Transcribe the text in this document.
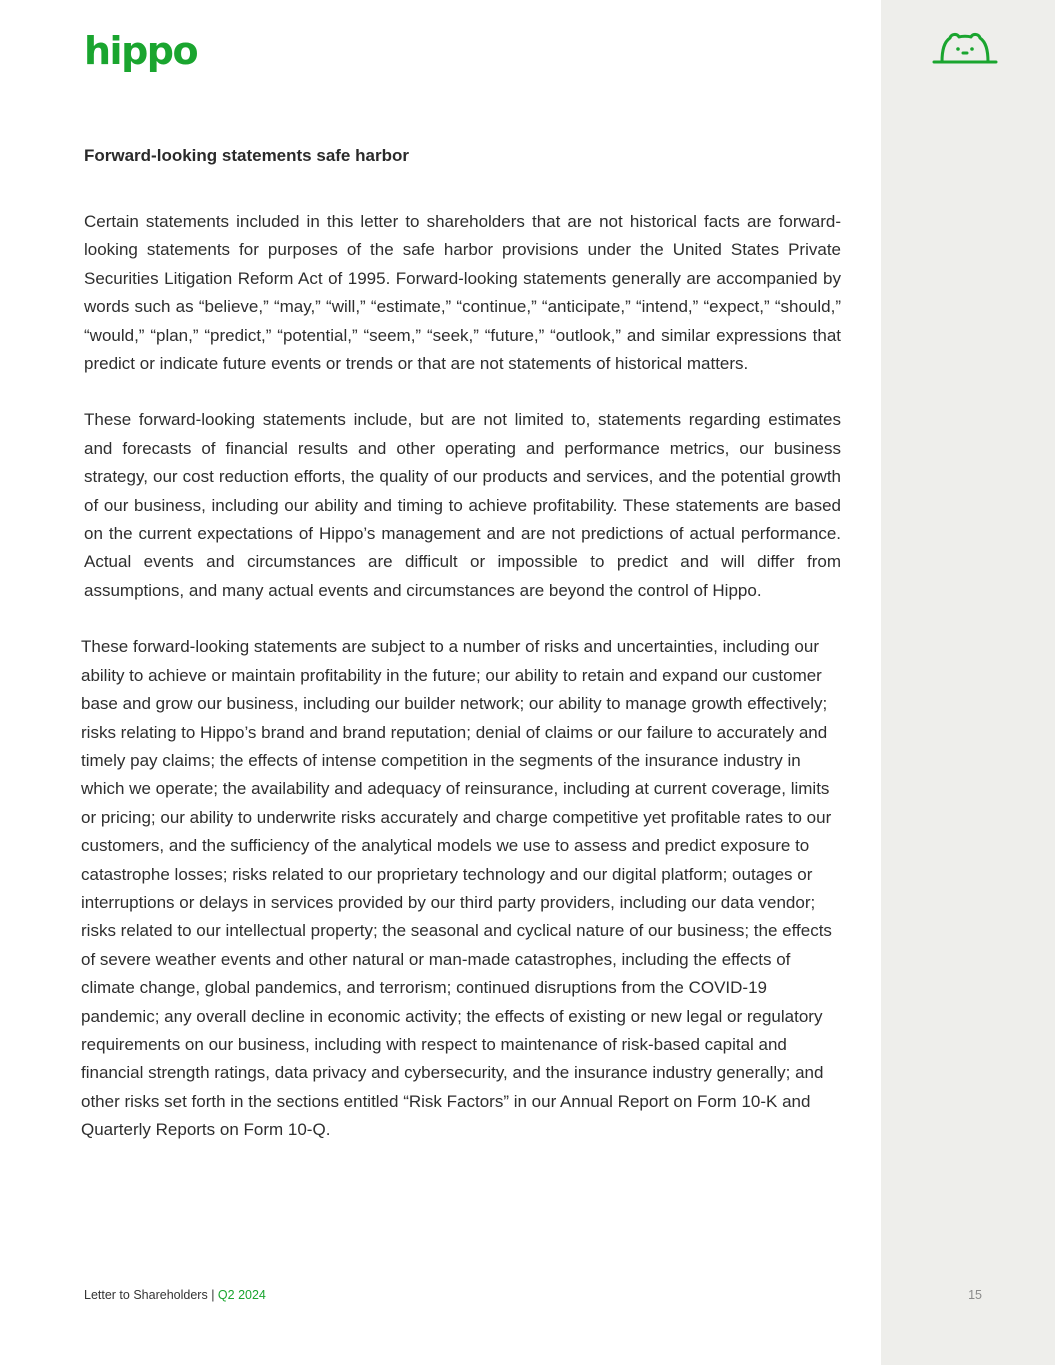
hippo
Forward-looking statements safe harbor

Certain statements included in this letter to shareholders that are not historical facts are forward-looking statements for purposes of the safe harbor provisions under the United States Private Securities Litigation Reform Act of 1995. Forward-looking statements generally are accompanied by words such as “believe,” “may,” “will,” “estimate,” “continue,” “anticipate,” “intend,” “expect,” “should,” “would,” “plan,” “predict,” “potential,” “seem,” “seek,” “future,” “outlook,” and similar expressions that predict or indicate future events or trends or that are not statements of historical matters.

These forward-looking statements include, but are not limited to, statements regarding estimates and forecasts of financial results and other operating and performance metrics, our business strategy, our cost reduction efforts, the quality of our products and services, and the potential growth of our business, including our ability and timing to achieve profitability. These statements are based on the current expectations of Hippo’s management and are not predictions of actual performance. Actual events and circumstances are difficult or impossible to predict and will differ from assumptions, and many actual events and circumstances are beyond the control of Hippo.

These forward-looking statements are subject to a number of risks and uncertainties, including our ability to achieve or maintain profitability in the future; our ability to retain and expand our customer base and grow our business, including our builder network; our ability to manage growth effectively; risks relating to Hippo’s brand and brand reputation; denial of claims or our failure to accurately and timely pay claims; the effects of intense competition in the segments of the insurance industry in which we operate; the availability and adequacy of reinsurance, including at current coverage, limits or pricing; our ability to underwrite risks accurately and charge competitive yet profitable rates to our customers, and the sufficiency of the analytical models we use to assess and predict exposure to catastrophe losses; risks related to our proprietary technology and our digital platform; outages or interruptions or delays in services provided by our third party providers, including our data vendor; risks related to our intellectual property; the seasonal and cyclical nature of our business; the effects of severe weather events and other natural or man-made catastrophes, including the effects of climate change, global pandemics, and terrorism; continued disruptions from the COVID-19 pandemic; any overall decline in economic activity; the effects of existing or new legal or regulatory requirements on our business, including with respect to maintenance of risk-based capital and financial strength ratings, data privacy and cybersecurity, and the insurance industry generally; and other risks set forth in the sections entitled “Risk Factors” in our Annual Report on Form 10-K and Quarterly Reports on Form 10-Q.

Letter to Shareholders | Q2 2024	15
